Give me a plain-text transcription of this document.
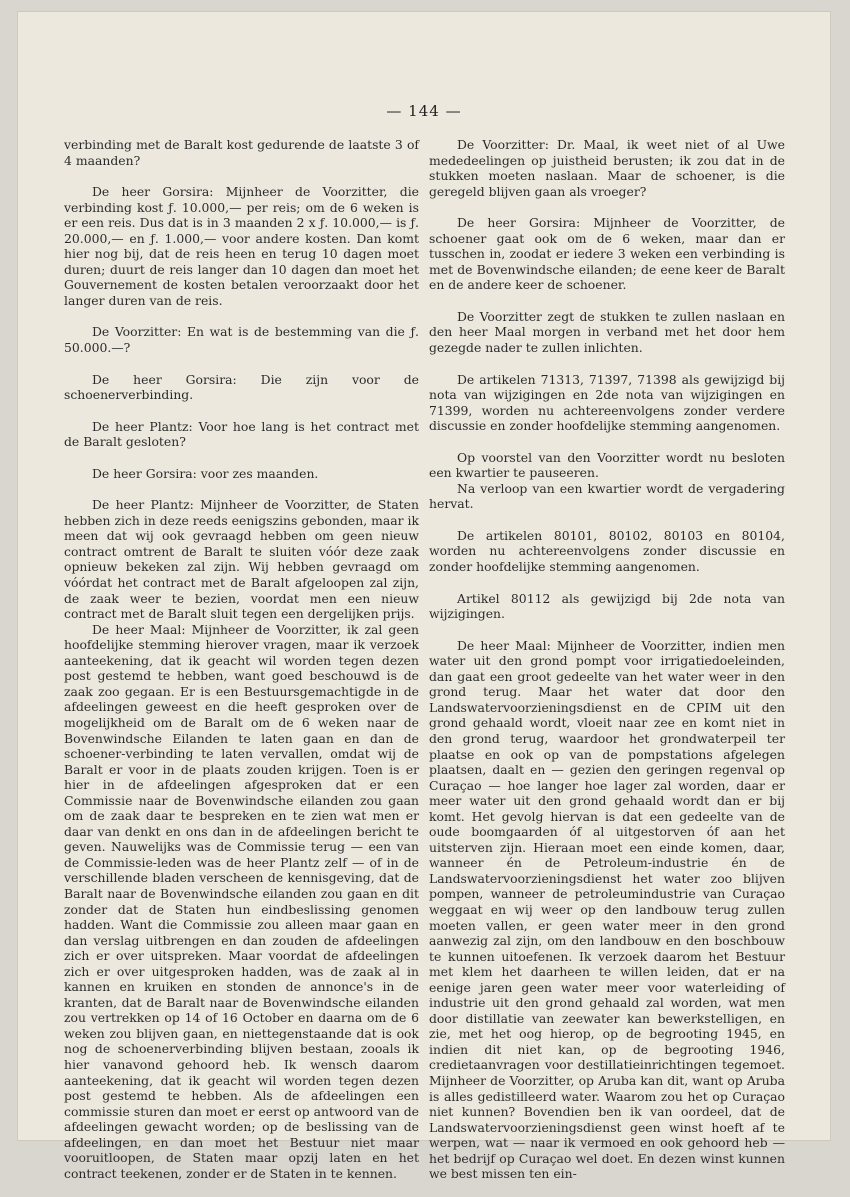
— 144 —

verbinding met de Baralt kost gedurende de laatste 3 of 4 maanden?

De heer Gorsira: Mijnheer de Voorzitter, die verbinding kost ƒ. 10.000,— per reis; om de 6 weken is er een reis. Dus dat is in 3 maanden 2 x ƒ. 10.000,— is ƒ. 20.000,— en ƒ. 1.000,— voor andere kosten. Dan komt hier nog bij, dat de reis heen en terug 10 dagen moet duren; duurt de reis langer dan 10 dagen dan moet het Gouvernement de kosten betalen veroorzaakt door het langer duren van de reis.

De Voorzitter: En wat is de bestemming van die ƒ. 50.000.—?

De heer Gorsira: Die zijn voor de schoenerverbinding.

De heer Plantz: Voor hoe lang is het contract met de Baralt gesloten?

De heer Gorsira: voor zes maanden.

De heer Plantz: Mijnheer de Voorzitter, de Staten hebben zich in deze reeds eenigszins gebonden, maar ik meen dat wij ook gevraagd hebben om geen nieuw contract omtrent de Baralt te sluiten vóór deze zaak opnieuw bekeken zal zijn. Wij hebben gevraagd om vóórdat het contract met de Baralt afgeloopen zal zijn, de zaak weer te bezien, voordat men een nieuw contract met de Baralt sluit tegen een dergelijken prijs.

De heer Maal: Mijnheer de Voorzitter, ik zal geen hoofdelijke stemming hierover vragen, maar ik verzoek aanteekening, dat ik geacht wil worden tegen dezen post gestemd te hebben, want goed beschouwd is de zaak zoo gegaan. Er is een Bestuursgemachtigde in de afdeelingen geweest en die heeft gesproken over de mogelijkheid om de Baralt om de 6 weken naar de Bovenwindsche Eilanden te laten gaan en dan de schoener-verbinding te laten vervallen, omdat wij de Baralt er voor in de plaats zouden krijgen. Toen is er hier in de afdeelingen afgesproken dat er een Commissie naar de Bovenwindsche eilanden zou gaan om de zaak daar te bespreken en te zien wat men er daar van denkt en ons dan in de afdeelingen bericht te geven. Nauwelijks was de Commissie terug — een van de Commissie-leden was de heer Plantz zelf — of in de verschillende bladen verscheen de kennisgeving, dat de Baralt naar de Bovenwindsche eilanden zou gaan en dit zonder dat de Staten hun eindbeslissing genomen hadden. Want die Commissie zou alleen maar gaan en dan verslag uitbrengen en dan zouden de afdeelingen zich er over uitspreken. Maar voordat de afdeelingen zich er over uitgesproken hadden, was de zaak al in kannen en kruiken en stonden de annonce's in de kranten, dat de Baralt naar de Bovenwindsche eilanden zou vertrekken op 14 of 16 October en daarna om de 6 weken zou blijven gaan, en niettegenstaande dat is ook nog de schoenerverbinding blijven bestaan, zooals ik hier vanavond gehoord heb. Ik wensch daarom aanteekening, dat ik geacht wil worden tegen dezen post gestemd te hebben. Als de afdeelingen een commissie sturen dan moet er eerst op antwoord van de afdeelingen gewacht worden; op de beslissing van de afdeelingen, en dan moet het Bestuur niet maar vooruitloopen, de Staten maar opzij laten en het contract teekenen, zonder er de Staten in te kennen.

De Voorzitter: Dr. Maal, ik weet niet of al Uwe mededeelingen op juistheid berusten; ik zou dat in de stukken moeten naslaan. Maar de schoener, is die geregeld blijven gaan als vroeger?

De heer Gorsira: Mijnheer de Voorzitter, de schoener gaat ook om de 6 weken, maar dan er tusschen in, zoodat er iedere 3 weken een verbinding is met de Bovenwindsche eilanden; de eene keer de Baralt en de andere keer de schoener.

De Voorzitter zegt de stukken te zullen naslaan en den heer Maal morgen in verband met het door hem gezegde nader te zullen inlichten.

De artikelen 71313, 71397, 71398 als gewijzigd bij nota van wijzigingen en 2de nota van wijzigingen en 71399, worden nu achtereenvolgens zonder verdere discussie en zonder hoofdelijke stemming aangenomen.

Op voorstel van den Voorzitter wordt nu besloten een kwartier te pauseeren.

Na verloop van een kwartier wordt de vergadering hervat.

De artikelen 80101, 80102, 80103 en 80104, worden nu achtereenvolgens zonder discussie en zonder hoofdelijke stemming aangenomen.

Artikel 80112 als gewijzigd bij 2de nota van wijzigingen.

De heer Maal: Mijnheer de Voorzitter, indien men water uit den grond pompt voor irrigatiedoeleinden, dan gaat een groot gedeelte van het water weer in den grond terug. Maar het water dat door den Landswatervoorzieningsdienst en de CPIM uit den grond gehaald wordt, vloeit naar zee en komt niet in den grond terug, waardoor het grondwaterpeil ter plaatse en ook op van de pompstations afgelegen plaatsen, daalt en — gezien den geringen regenval op Curaçao — hoe langer hoe lager zal worden, daar er meer water uit den grond gehaald wordt dan er bij komt. Het gevolg hiervan is dat een gedeelte van de oude boomgaarden óf al uitgestorven óf aan het uitsterven zijn. Hieraan moet een einde komen, daar, wanneer én de Petroleum-industrie én de Landswatervoorzieningsdienst het water zoo blijven pompen, wanneer de petroleumindustrie van Curaçao weggaat en wij weer op den landbouw terug zullen moeten vallen, er geen water meer in den grond aanwezig zal zijn, om den landbouw en den boschbouw te kunnen uitoefenen. Ik verzoek daarom het Bestuur met klem het daarheen te willen leiden, dat er na eenige jaren geen water meer voor waterleiding of industrie uit den grond gehaald zal worden, wat men door distillatie van zeewater kan bewerkstelligen, en zie, met het oog hierop, op de begrooting 1945, en indien dit niet kan, op de begrooting 1946, credietaanvragen voor destillatieinrichtingen tegemoet. Mijnheer de Voorzitter, op Aruba kan dit, want op Aruba is alles gedistilleerd water. Waarom zou het op Curaçao niet kunnen? Bovendien ben ik van oordeel, dat de Landswatervoorzieningsdienst geen winst hoeft af te werpen, wat — naar ik vermoed en ook gehoord heb — het bedrijf op Curaçao wel doet. En dezen winst kunnen we best missen ten ein-
